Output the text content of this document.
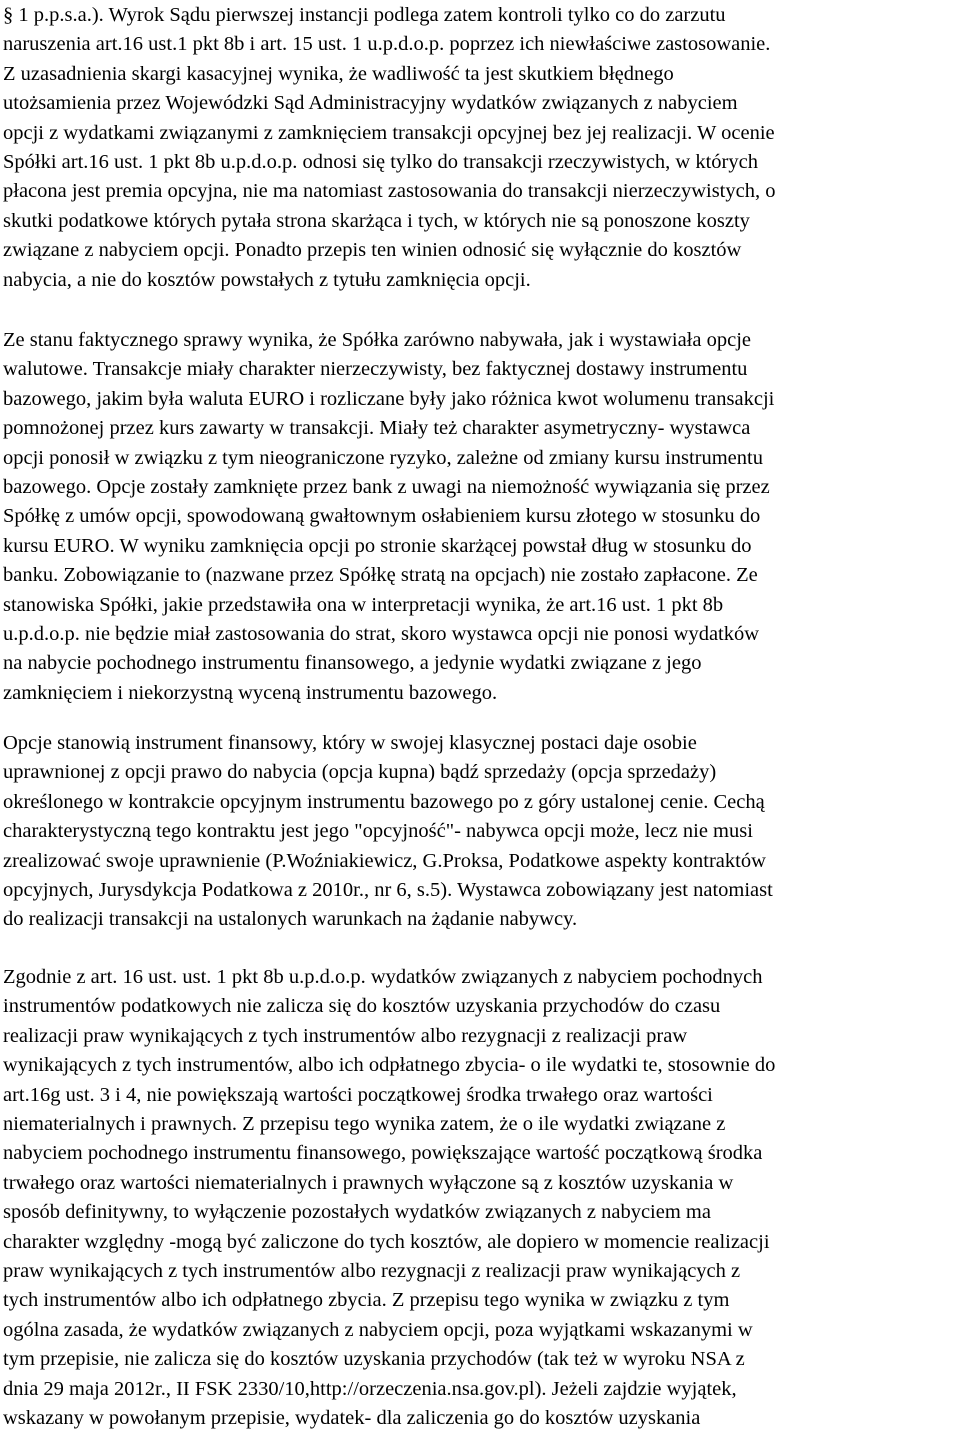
§ 1 p.p.s.a.). Wyrok Sądu pierwszej instancji podlega zatem kontroli tylko co do zarzutu
naruszenia art.16 ust.1 pkt 8b i art. 15 ust. 1 u.p.d.o.p. poprzez ich niewłaściwe zastosowanie.
Z uzasadnienia skargi kasacyjnej wynika, że wadliwość ta jest skutkiem błędnego
utożsamienia przez Wojewódzki Sąd Administracyjny wydatków związanych z nabyciem
opcji z wydatkami związanymi z zamknięciem transakcji opcyjnej bez jej realizacji. W ocenie
Spółki art.16 ust. 1 pkt 8b u.p.d.o.p. odnosi się tylko do transakcji rzeczywistych, w których
płacona jest premia opcyjna, nie ma natomiast zastosowania do transakcji nierzeczywistych, o
skutki podatkowe których pytała strona skarżąca i tych, w których nie są ponoszone koszty
związane z nabyciem opcji. Ponadto przepis ten winien odnosić się wyłącznie do kosztów
nabycia, a nie do kosztów powstałych z tytułu zamknięcia opcji.
Ze stanu faktycznego sprawy wynika, że Spółka zarówno nabywała, jak i wystawiała opcje
walutowe. Transakcje miały charakter nierzeczywisty, bez faktycznej dostawy instrumentu
bazowego, jakim była waluta EURO i rozliczane były jako różnica kwot wolumenu transakcji
pomnożonej przez kurs zawarty w transakcji. Miały też charakter asymetryczny- wystawca
opcji ponosił w związku z tym nieograniczone ryzyko, zależne od zmiany kursu instrumentu
bazowego. Opcje zostały zamknięte przez bank z uwagi na niemożność wywiązania się przez
Spółkę z umów opcji, spowodowaną gwałtownym osłabieniem kursu złotego w stosunku do
kursu EURO. W wyniku zamknięcia opcji po stronie skarżącej powstał dług w stosunku do
banku. Zobowiązanie to (nazwane przez Spółkę stratą na opcjach) nie zostało zapłacone. Ze
stanowiska Spółki, jakie przedstawiła ona w interpretacji wynika, że art.16 ust. 1 pkt 8b
u.p.d.o.p. nie będzie miał zastosowania do strat, skoro wystawca opcji nie ponosi wydatków
na nabycie pochodnego instrumentu finansowego, a jedynie wydatki związane z jego
zamknięciem i niekorzystną wyceną instrumentu bazowego.
Opcje stanowią instrument finansowy, który w swojej klasycznej postaci daje osobie
uprawnionej z opcji prawo do nabycia (opcja kupna) bądź sprzedaży (opcja sprzedaży)
określonego w kontrakcie opcyjnym instrumentu bazowego po z góry ustalonej cenie. Cechą
charakterystyczną tego kontraktu jest jego "opcyjność"- nabywca opcji może, lecz nie musi
zrealizować swoje uprawnienie (P.Woźniakiewicz, G.Proksa, Podatkowe aspekty kontraktów
opcyjnych, Jurysdykcja Podatkowa z 2010r., nr 6, s.5). Wystawca zobowiązany jest natomiast
do realizacji transakcji na ustalonych warunkach na żądanie nabywcy.
Zgodnie z art. 16 ust. ust. 1 pkt 8b u.p.d.o.p. wydatków związanych z nabyciem pochodnych
instrumentów podatkowych nie zalicza się do kosztów uzyskania przychodów do czasu
realizacji praw wynikających z tych instrumentów albo rezygnacji z realizacji praw
wynikających z tych instrumentów, albo ich odpłatnego zbycia- o ile wydatki te, stosownie do
art.16g ust. 3 i 4, nie powiększają wartości początkowej środka trwałego oraz wartości
niematerialnych i prawnych. Z przepisu tego wynika zatem, że o ile wydatki związane z
nabyciem pochodnego instrumentu finansowego, powiększające wartość początkową środka
trwałego oraz wartości niematerialnych i prawnych wyłączone są z kosztów uzyskania w
sposób definitywny, to wyłączenie pozostałych wydatków związanych z nabyciem ma
charakter względny -mogą być zaliczone do tych kosztów, ale dopiero w momencie realizacji
praw wynikających z tych instrumentów albo rezygnacji z realizacji praw wynikających z
tych instrumentów albo ich odpłatnego zbycia. Z przepisu tego wynika w związku z tym
ogólna zasada, że wydatków związanych z nabyciem opcji, poza wyjątkami wskazanymi w
tym przepisie, nie zalicza się do kosztów uzyskania przychodów (tak też w wyroku NSA z
dnia 29 maja 2012r., II FSK 2330/10,http://orzeczenia.nsa.gov.pl). Jeżeli zajdzie wyjątek,
wskazany w powołanym przepisie, wydatek- dla zaliczenia go do kosztów uzyskania
